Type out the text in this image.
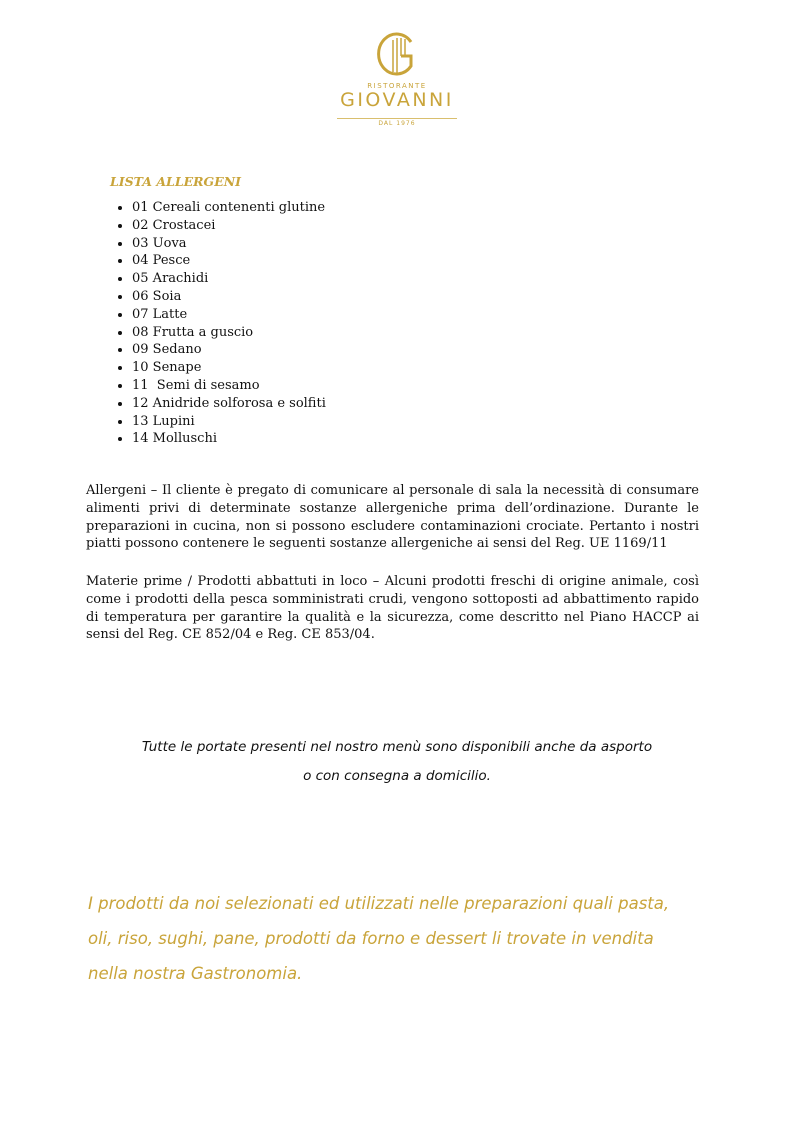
RISTORANTE
GIOVANNI
DAL 1976
LISTA ALLERGENI
01 Cereali contenenti glutine
02 Crostacei
03 Uova
04 Pesce
05 Arachidi
06 Soia
07 Latte
08 Frutta a guscio
09 Sedano
10 Senape
11  Semi di sesamo
12 Anidride solforosa e solfiti
13 Lupini
14 Molluschi

Allergeni – Il cliente è pregato di comunicare al personale di sala la necessità di consumare alimenti privi di determinate sostanze allergeniche prima dell’ordinazione. Durante le preparazioni in cucina, non si possono escludere contaminazioni crociate. Pertanto i nostri piatti possono contenere le seguenti sostanze allergeniche ai sensi del Reg. UE 1169/11

Materie prime / Prodotti abbattuti in loco – Alcuni prodotti freschi di origine animale, così come i prodotti della pesca somministrati crudi, vengono sottoposti ad abbattimento rapido di temperatura per garantire la qualità e la sicurezza, come descritto nel Piano HACCP ai sensi del Reg. CE 852/04 e Reg. CE 853/04.

Tutte le portate presenti nel nostro menù sono disponibili anche da asporto
o con consegna a domicilio.

I prodotti da noi selezionati ed utilizzati nelle preparazioni quali pasta,
oli, riso, sughi, pane, prodotti da forno e dessert li trovate in vendita
nella nostra Gastronomia.
